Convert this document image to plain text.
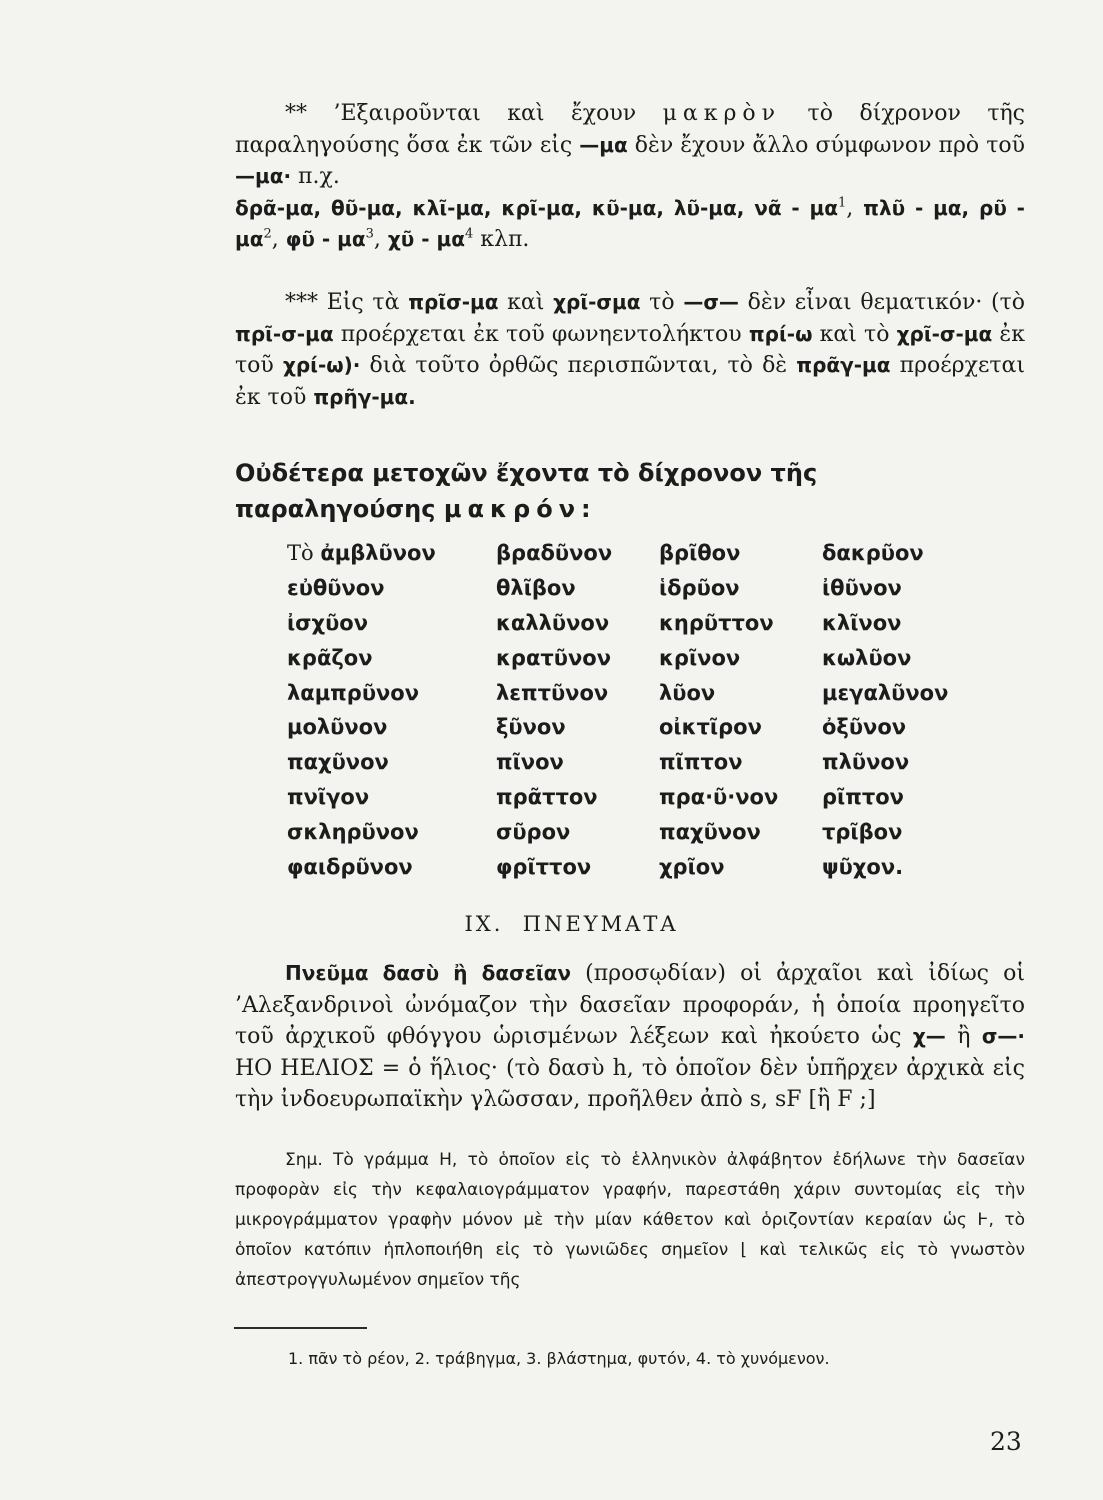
** ’Εξαιροῦνται καὶ ἔχουν μακρὸν τὸ δίχρονον τῆς παραληγούσης ὅσα ἐκ τῶν εἰς —μα δὲν ἔχουν ἄλλο σύμφωνον πρὸ τοῦ —μα· π.χ.

δρᾶ-μα, θῦ-μα, κλῖ-μα, κρῖ-μα, κῦ-μα, λῦ-μα, νᾶ - $\mu\alpha^1$, πλῦ - μα, ρῦ - $\mu\alpha^2$, φῦ - $\mu\alpha^3$, χῦ - $\mu\alpha^4$ κλπ.

*** Εἰς τὰ πρῖσ-μα καὶ χρῖ-σμα τὸ —σ— δὲν εἶναι θεματικόν· (τὸ πρῖ-σ-μα προέρχεται ἐκ τοῦ φωνηεντολήκτου πρί-ω καὶ τὸ χρῖ-σ-μα ἐκ τοῦ χρί-ω)· διὰ τοῦτο ὀρθῶς περισπῶνται, τὸ δὲ πρᾶγ-μα προέρχεται ἐκ τοῦ πρῆγ-μα.

Οὐδέτερα μετοχῶν ἔχοντα τὸ δίχρονον τῆς παραληγούσης μακρόν:

Τὸ ἀμβλῦνον	βραδῦνον	βρῖθον	δακρῦον
εὐθῦνον	θλῖβον	ἱδρῦον	ἰθῦνον
ἰσχῦον	καλλῦνον	κηρῦττον	κλῖνον
κρᾶζον	κρατῦνον	κρῖνον	κωλῦον
λαμπρῦνον	λεπτῦνον	λῦον	μεγαλῦνον
μολῦνον	ξῦνον	οἰκτῖρον	ὀξῦνον
παχῦνον	πῖνον	πῖπτον	πλῦνον
πνῖγον	πρᾶττον	πρα·ῦ·νον	ρῖπτον
σκληρῦνον	σῦρον	παχῦνον	τρῖβον
φαιδρῦνον	φρῖττον	χρῖον	ψῦχον.

IX. ΠΝΕΥΜΑΤΑ

Πνεῦμα δασὺ ἢ δασεῖαν (προσῳδίαν) οἱ ἀρχαῖοι καὶ ἰδίως οἱ ’Αλεξανδρινοὶ ὠνόμαζον τὴν δασεῖαν προφοράν, ἡ ὁποία προηγεῖτο τοῦ ἀρχικοῦ φθόγγου ὡρισμένων λέξεων καὶ ἠκούετο ὡς χ— ἢ σ—· ΗΟ ΗΕΛΙΟΣ = ὁ ἥλιος· (τὸ δασὺ h, τὸ ὁποῖον δὲν ὑπῆρχεν ἀρχικὰ εἰς τὴν ἰνδοευρωπαϊκὴν γλῶσσαν, προῆλθεν ἀπὸ s, sF [ἢ F ;]

Σημ. Τὸ γράμμα Η, τὸ ὁποῖον εἰς τὸ ἑλληνικὸν ἀλφάβητον ἐδήλωνε τὴν δασεῖαν προφορὰν εἰς τὴν κεφαλαιογράμματον γραφήν, παρεστάθη χάριν συντομίας εἰς τὴν μικρογράμματον γραφὴν μόνον μὲ τὴν μίαν κάθετον καὶ ὁριζοντίαν κεραίαν ὡς Ͱ, τὸ ὁποῖον κατόπιν ἡπλοποιήθη εἰς τὸ γωνιῶδες σημεῖον ⌊ καὶ τελικῶς εἰς τὸ γνωστὸν ἀπεστρογγυλωμένον σημεῖον τῆς

1. πᾶν τὸ ρέον, 2. τράβηγμα, 3. βλάστημα, φυτόν, 4. τὸ χυνόμενον.
23
